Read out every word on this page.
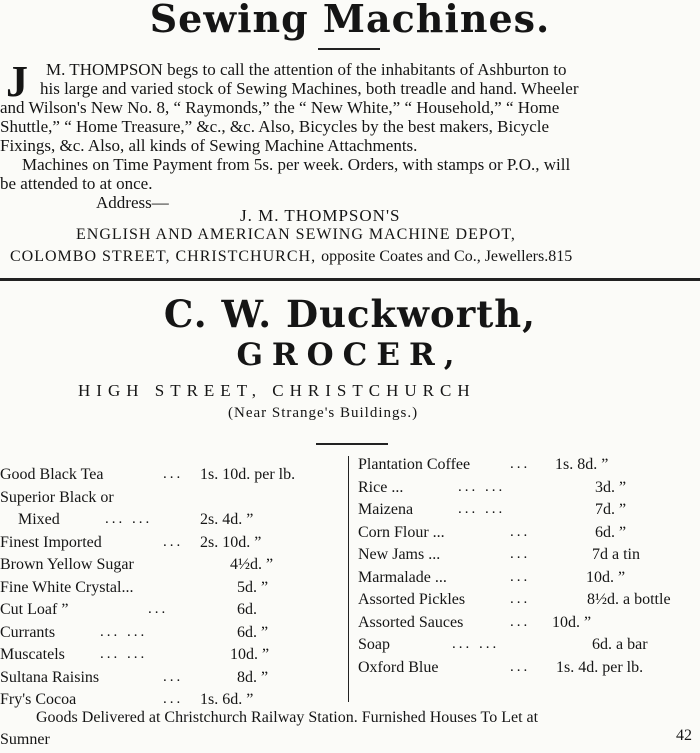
Sewing Machines.
J M. THOMPSON begs to call the attention of the inhabitants of Ashburton to
his large and varied stock of Sewing Machines, both treadle and hand. Wheeler
and Wilson's New No. 8, “ Raymonds,” the “ New White,” “ Household,” “ Home
Shuttle,” “ Home Treasure,” &c., &c. Also, Bicycles by the best makers, Bicycle
Fixings, &c. Also, all kinds of Sewing Machine Attachments.
Machines on Time Payment from 5s. per week. Orders, with stamps or P.O., will
be attended to at once.
Address—
J. M. THOMPSON'S
ENGLISH AND AMERICAN SEWING MACHINE DEPOT,
COLOMBO STREET, CHRISTCHURCH, opposite Coates and Co., Jewellers.815
C. W. Duckworth,
GROCER,
HIGH STREET, CHRISTCHURCH
(Near Strange's Buildings.)
Good Black Tea	... 1s. 10d. per lb.
Superior Black or
Mixed	... ...	2s. 4d. ”
Finest Imported	... 2s. 10d. ”
Brown Yellow Sugar	4½d. ”
Fine White Crystal...	5d. ”
Cut Loaf ”	...	6d.
Currants	... ...	6d. ”
Muscatels ... ...	10d. ”
Sultana Raisins	...	8d. ”
Fry's Cocoa	... 1s. 6d. ”
Plantation Coffee	... 1s. 8d. ”
Rice ...	... ...	3d. ”
Maizena	... ...	7d. ”
Corn Flour ...	...	6d. ”
New Jams ...	...	7d a tin
Marmalade ...	...	10d. ”
Assorted Pickles	...	8½d. a bottle
Assorted Sauces	... 10d. ”
Soap	... ...	6d. a bar
Oxford Blue	... 1s. 4d. per lb.
Goods Delivered at Christchurch Railway Station. Furnished Houses To Let at
Sumner	42
